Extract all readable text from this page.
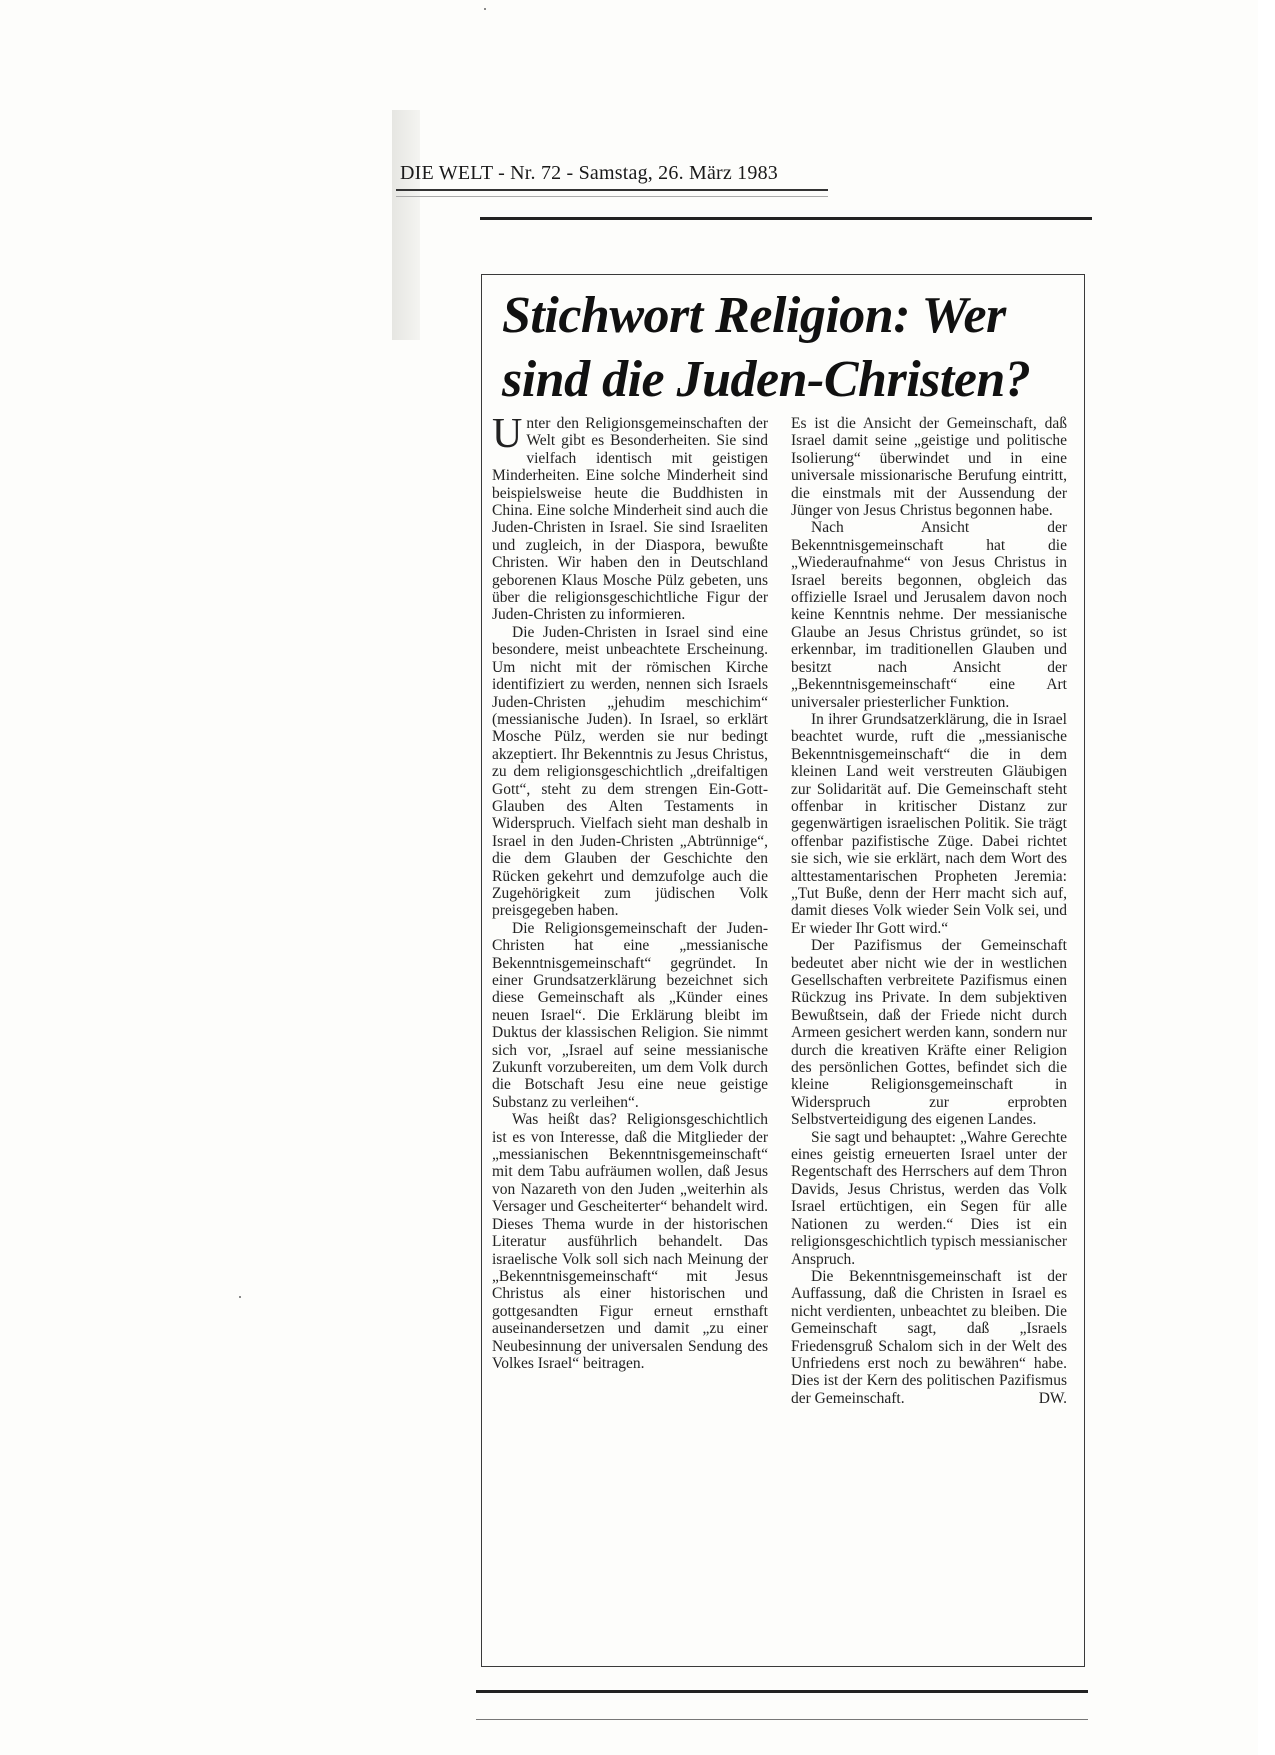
DIE WELT - Nr. 72 - Samstag, 26. März 1983
Stichwort Religion: Wer
sind die Juden-Christen?

Unter den Religionsgemeinschaften der Welt gibt es Besonderheiten. Sie sind vielfach identisch mit geistigen Minderheiten. Eine solche Minderheit sind beispielsweise heute die Buddhisten in China. Eine solche Minderheit sind auch die Juden-Christen in Israel. Sie sind Israeliten und zugleich, in der Diaspora, bewußte Christen. Wir haben den in Deutschland geborenen Klaus Mosche Pülz gebeten, uns über die religionsgeschichtliche Figur der Juden-Christen zu informieren.

Die Juden-Christen in Israel sind eine besondere, meist unbeachtete Erscheinung. Um nicht mit der römischen Kirche identifiziert zu werden, nennen sich Israels Juden-Christen „jehudim meschichim“ (messianische Juden). In Israel, so erklärt Mosche Pülz, werden sie nur bedingt akzeptiert. Ihr Bekenntnis zu Jesus Christus, zu dem religionsgeschichtlich „dreifaltigen Gott“, steht zu dem strengen Ein-Gott-Glauben des Alten Testaments in Widerspruch. Vielfach sieht man deshalb in Israel in den Juden-Christen „Abtrünnige“, die dem Glauben der Geschichte den Rücken gekehrt und demzufolge auch die Zugehörigkeit zum jüdischen Volk preisgegeben haben.

Die Religionsgemeinschaft der Juden-Christen hat eine „messianische Bekenntnisgemeinschaft“ gegründet. In einer Grundsatzerklärung bezeichnet sich diese Gemeinschaft als „Künder eines neuen Israel“. Die Erklärung bleibt im Duktus der klassischen Religion. Sie nimmt sich vor, „Israel auf seine messianische Zukunft vorzubereiten, um dem Volk durch die Botschaft Jesu eine neue geistige Substanz zu verleihen“.

Was heißt das? Religionsgeschichtlich ist es von Interesse, daß die Mitglieder der „messianischen Bekenntnisgemeinschaft“ mit dem Tabu aufräumen wollen, daß Jesus von Nazareth von den Juden „weiterhin als Versager und Gescheiterter“ behandelt wird. Dieses Thema wurde in der historischen Literatur ausführlich behandelt. Das israelische Volk soll sich nach Meinung der „Bekenntnisgemeinschaft“ mit Jesus Christus als einer historischen und gottgesandten Figur erneut ernsthaft auseinandersetzen und damit „zu einer Neubesinnung der universalen Sendung des Volkes Israel“ beitragen.

Es ist die Ansicht der Gemeinschaft, daß Israel damit seine „geistige und politische Isolierung“ überwindet und in eine universale missionarische Berufung eintritt, die einstmals mit der Aussendung der Jünger von Jesus Christus begonnen habe.

Nach Ansicht der Bekenntnisgemeinschaft hat die „Wiederaufnahme“ von Jesus Christus in Israel bereits begonnen, obgleich das offizielle Israel und Jerusalem davon noch keine Kenntnis nehme. Der messianische Glaube an Jesus Christus gründet, so ist erkennbar, im traditionellen Glauben und besitzt nach Ansicht der „Bekenntnisgemeinschaft“ eine Art universaler priesterlicher Funktion.

In ihrer Grundsatzerklärung, die in Israel beachtet wurde, ruft die „messianische Bekenntnisgemeinschaft“ die in dem kleinen Land weit verstreuten Gläubigen zur Solidarität auf. Die Gemeinschaft steht offenbar in kritischer Distanz zur gegenwärtigen israelischen Politik. Sie trägt offenbar pazifistische Züge. Dabei richtet sie sich, wie sie erklärt, nach dem Wort des alttestamentarischen Propheten Jeremia: „Tut Buße, denn der Herr macht sich auf, damit dieses Volk wieder Sein Volk sei, und Er wieder Ihr Gott wird.“

Der Pazifismus der Gemeinschaft bedeutet aber nicht wie der in westlichen Gesellschaften verbreitete Pazifismus einen Rückzug ins Private. In dem subjektiven Bewußtsein, daß der Friede nicht durch Armeen gesichert werden kann, sondern nur durch die kreativen Kräfte einer Religion des persönlichen Gottes, befindet sich die kleine Religionsgemeinschaft in Widerspruch zur erprobten Selbstverteidigung des eigenen Landes.

Sie sagt und behauptet: „Wahre Gerechte eines geistig erneuerten Israel unter der Regentschaft des Herrschers auf dem Thron Davids, Jesus Christus, werden das Volk Israel ertüchtigen, ein Segen für alle Nationen zu werden.“ Dies ist ein religionsgeschichtlich typisch messianischer Anspruch.

Die Bekenntnisgemeinschaft ist der Auffassung, daß die Christen in Israel es nicht verdienten, unbeachtet zu bleiben. Die Gemeinschaft sagt, daß „Israels Friedensgruß Schalom sich in der Welt des Unfriedens erst noch zu bewähren“ habe. Dies ist der Kern des politischen Pazifismus der Gemeinschaft.	DW.
